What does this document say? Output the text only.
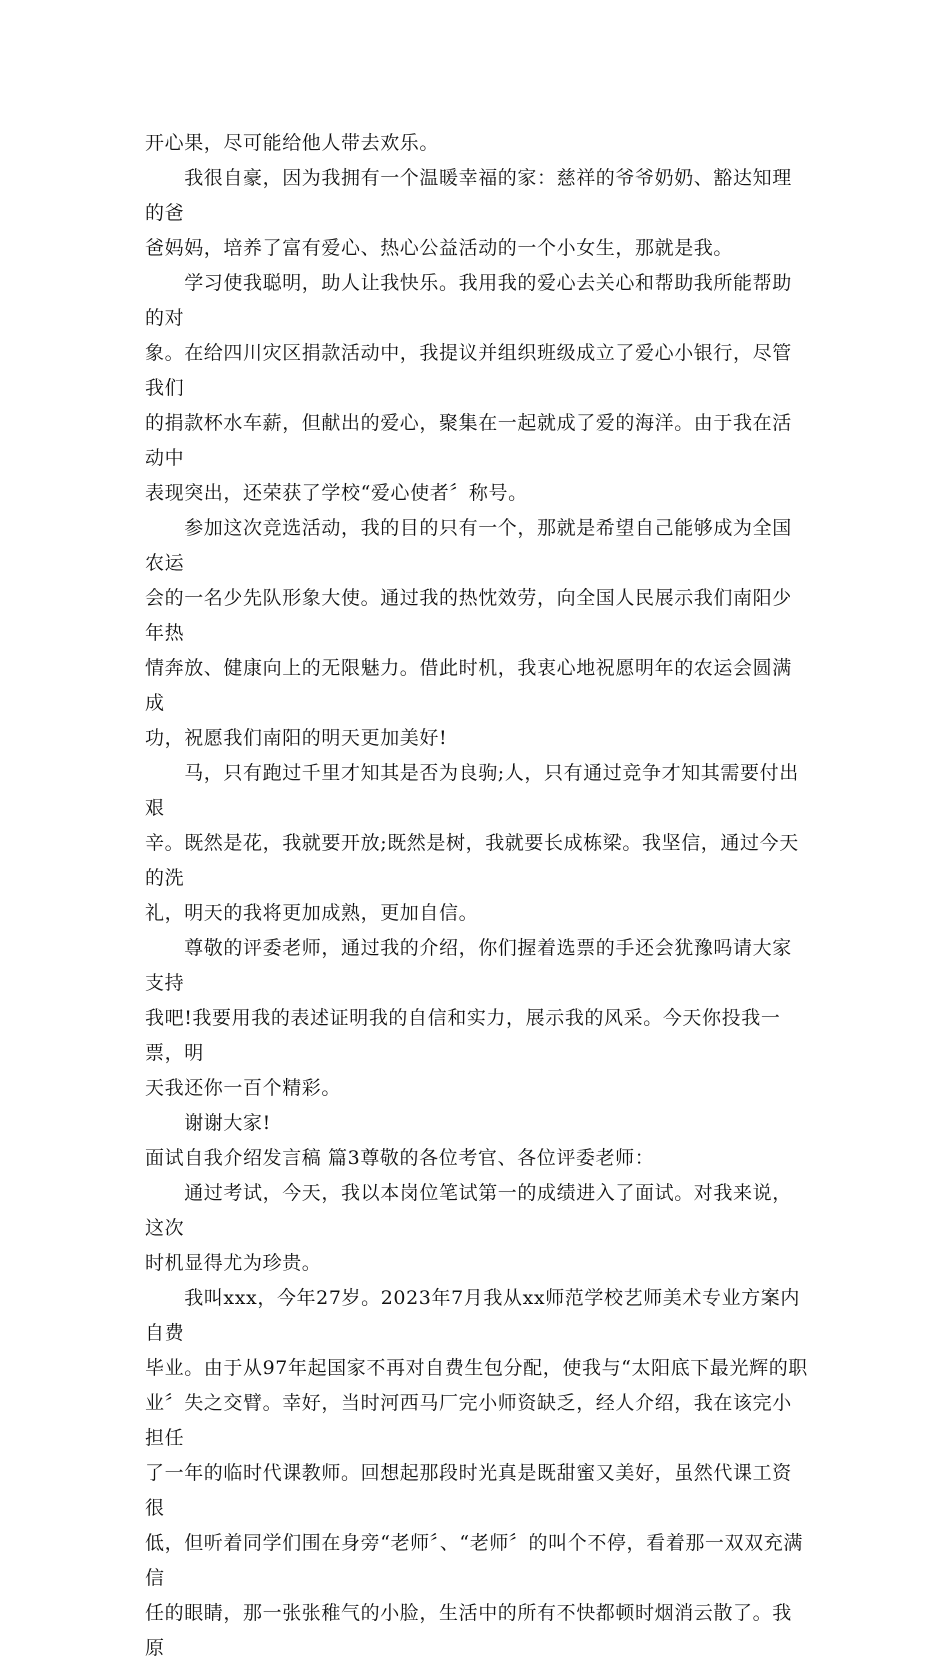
开心果，尽可能给他人带去欢乐。

　　我很自豪，因为我拥有一个温暖幸福的家：慈祥的爷爷奶奶、豁达知理的爸

爸妈妈，培养了富有爱心、热心公益活动的一个小女生，那就是我。

　　学习使我聪明，助人让我快乐。我用我的爱心去关心和帮助我所能帮助的对

象。在给四川灾区捐款活动中，我提议并组织班级成立了爱心小银行，尽管我们

的捐款杯水车薪，但献出的爱心，聚集在一起就成了爱的海洋。由于我在活动中

表现突出，还荣获了学校“爱心使者〞称号。

　　参加这次竞选活动，我的目的只有一个，那就是希望自己能够成为全国农运

会的一名少先队形象大使。通过我的热忱效劳，向全国人民展示我们南阳少年热

情奔放、健康向上的无限魅力。借此时机，我衷心地祝愿明年的农运会圆满成

功，祝愿我们南阳的明天更加美好!

　　马，只有跑过千里才知其是否为良驹;人，只有通过竞争才知其需要付出艰

辛。既然是花，我就要开放;既然是树，我就要长成栋梁。我坚信，通过今天的洗

礼，明天的我将更加成熟，更加自信。

　　尊敬的评委老师，通过我的介绍，你们握着选票的手还会犹豫吗请大家支持

我吧!我要用我的表述证明我的自信和实力，展示我的风采。今天你投我一票，明

天我还你一百个精彩。

　　谢谢大家!

面试自我介绍发言稿 篇3尊敬的各位考官、各位评委老师：

　　通过考试，今天，我以本岗位笔试第一的成绩进入了面试。对我来说，这次

时机显得尤为珍贵。

　　我叫xxx，今年27岁。2023年7月我从xx师范学校艺师美术专业方案内自费

毕业。由于从97年起国家不再对自费生包分配，使我与“太阳底下最光辉的职

业〞失之交臂。幸好，当时河西马厂完小师资缺乏，经人介绍，我在该完小担任

了一年的临时代课教师。回想起那段时光真是既甜蜜又美好，虽然代课工资很

低，但听着同学们围在身旁“老师〞、“老师〞的叫个不停，看着那一双双充满信

任的眼睛，那一张张稚气的小脸，生活中的所有不快都顿时烟消云散了。我原
